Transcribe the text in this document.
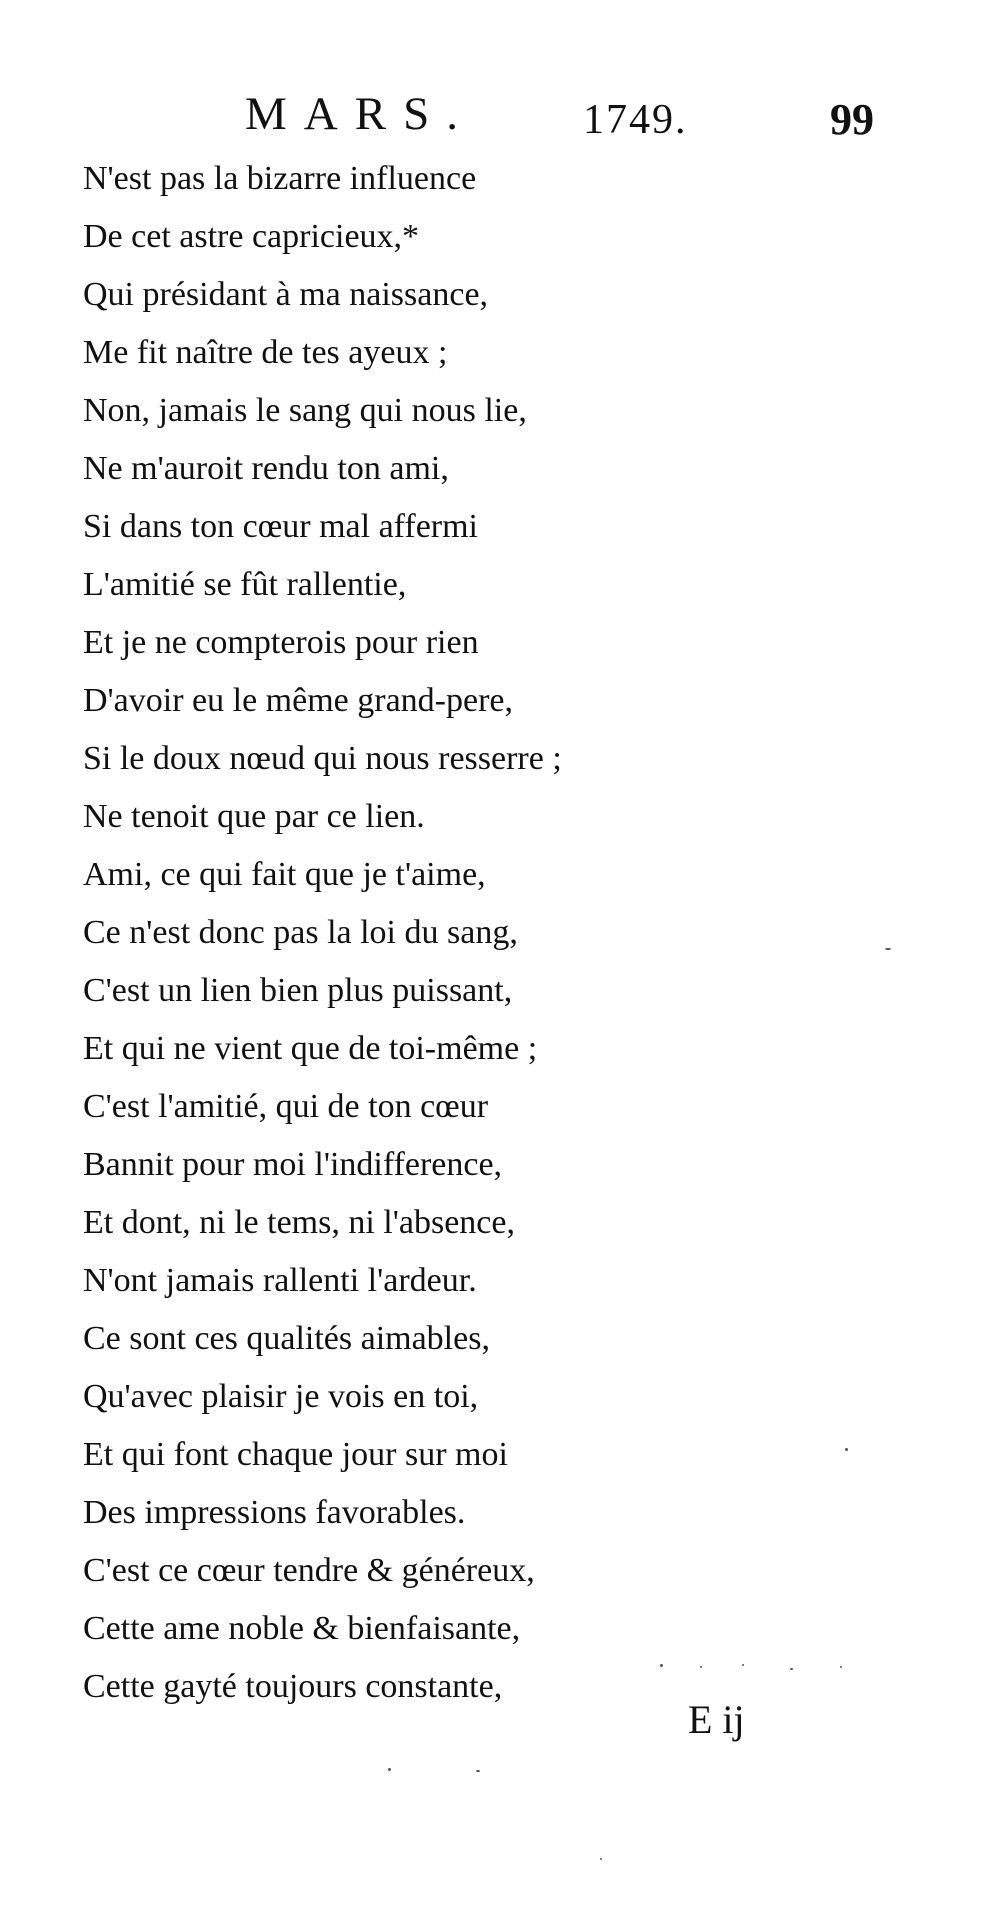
MARS.	1749.	99
N'est pas la bizarre influence
De cet astre capricieux,*
Qui présidant à ma naissance,
Me fit naître de tes ayeux ;
Non, jamais le sang qui nous lie,
Ne m'auroit rendu ton ami,
Si dans ton cœur mal affermi
L'amitié se fût rallentie,
Et je ne compterois pour rien
D'avoir eu le même grand-pere,
Si le doux nœud qui nous resserre ;
Ne tenoit que par ce lien.
Ami, ce qui fait que je t'aime,
Ce n'est donc pas la loi du sang,
C'est un lien bien plus puissant,
Et qui ne vient que de toi-même ;
C'est l'amitié, qui de ton cœur
Bannit pour moi l'indifference,
Et dont, ni le tems, ni l'absence,
N'ont jamais rallenti l'ardeur.
Ce sont ces qualités aimables,
Qu'avec plaisir je vois en toi,
Et qui font chaque jour sur moi
Des impressions favorables.
C'est ce cœur tendre & généreux,
Cette ame noble & bienfaisante,
Cette gayté toujours constante,
E ij
